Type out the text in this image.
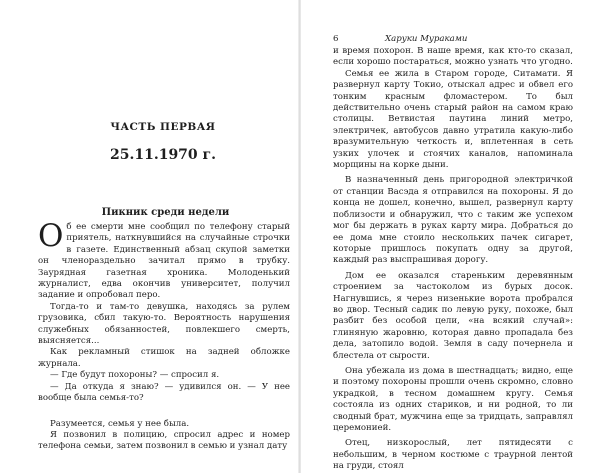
ЧАСТЬ ПЕРВАЯ
25.11.1970 г.
Пикник среди недели

Об ее смерти мне сообщил по телефону старый приятель, наткнувшийся на случайные строчки в газете. Единственный абзац скупой заметки он членораздельно зачитал прямо в трубку. Зауряднaя газетная хроника. Молоденький журналист, едва окончив университет, получил задание и опробовал перо.

Тогда-то и там-то девушка, находясь за рулем грузовика, сбил такую-то. Вероятность нарушения служебных обязанностей, повлекшего смерть, выясняется...

Как рекламный стишок на задней обложке журнала.

— Где будут похороны? — спросил я.

— Да откуда я знаю? — удивился он. — У нее вообще была семья-то?

Разумеется, семья у нее была.

Я позвонил в полицию, спросил адрес и номер телефона семьи, затем позвонил в семью и узнал дату

6	Харуки Мураками

и время похорон. В наше время, как кто-то сказал, если хорошо постараться, можно узнать что угодно.

Семья ее жила в Старом городе, Ситамати. Я развернул карту Токио, отыскал адрес и обвел его тонким красным фломастером. То был действительно очень старый район на самом краю столицы. Ветвистая паутина линий метро, электричек, автобусов давно утратила какую-либо вразумительную четкость и, вплетенная в сеть узких улочек и стоячих каналов, напоминала морщины на корке дыни.

В назначенный день пригородной электричкой от станции Васэда я отправился на похороны. Я до конца не дошел, конечно, вышел, развернул карту поблизости и обнаружил, что с таким же успехом мог бы держать в руках карту мира. Добраться до ее дома мне стоило нескольких пачек сигарет, которые пришлось покупать одну за другой, каждый раз выспрашивая дорогу.

Дом ее оказался стареньким деревянным строением за частоколом из бурых досок. Нагнувшись, я через низенькие ворота пробрался во двор. Тесный садик по левую руку, похоже, был разбит без особой цели, «на всякий случай»: глиняную жаровню, которая давно пропадала без дела, затопило водой. Земля в саду почернела и блестела от сырости.

Она убежала из дома в шестнадцать; видно, еще и поэтому похороны прошли очень скромно, словно украдкой, в тесном домашнем кругу. Семья состояла из одних стариков, и ни родной, то ли сводный брат, мужчина еще за тридцать, заправлял церемонией.

Отец, низкорослый, лет пятидесяти с небольшим, в черном костюме с траурной лентой на груди, стоял
